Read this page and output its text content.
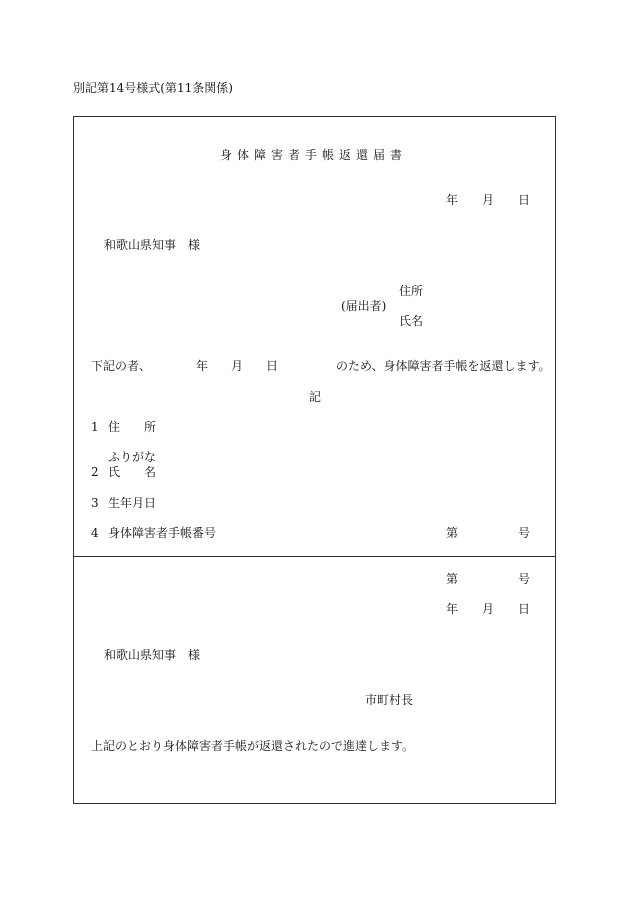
別記第14号様式(第11条関係)
身体障害者手帳返還届書
年 月 日
和歌山県知事　様
住所
(届出者)
氏名
下記の者、	年 月 日	のため、身体障害者手帳を返還します。
記
1 住　　所
ふりがな
2 氏　　名
3 生年月日
4 身体障害者手帳番号	第	号
第	号
年 月 日
和歌山県知事　様
市町村長
上記のとおり身体障害者手帳が返還されたので進達します。
